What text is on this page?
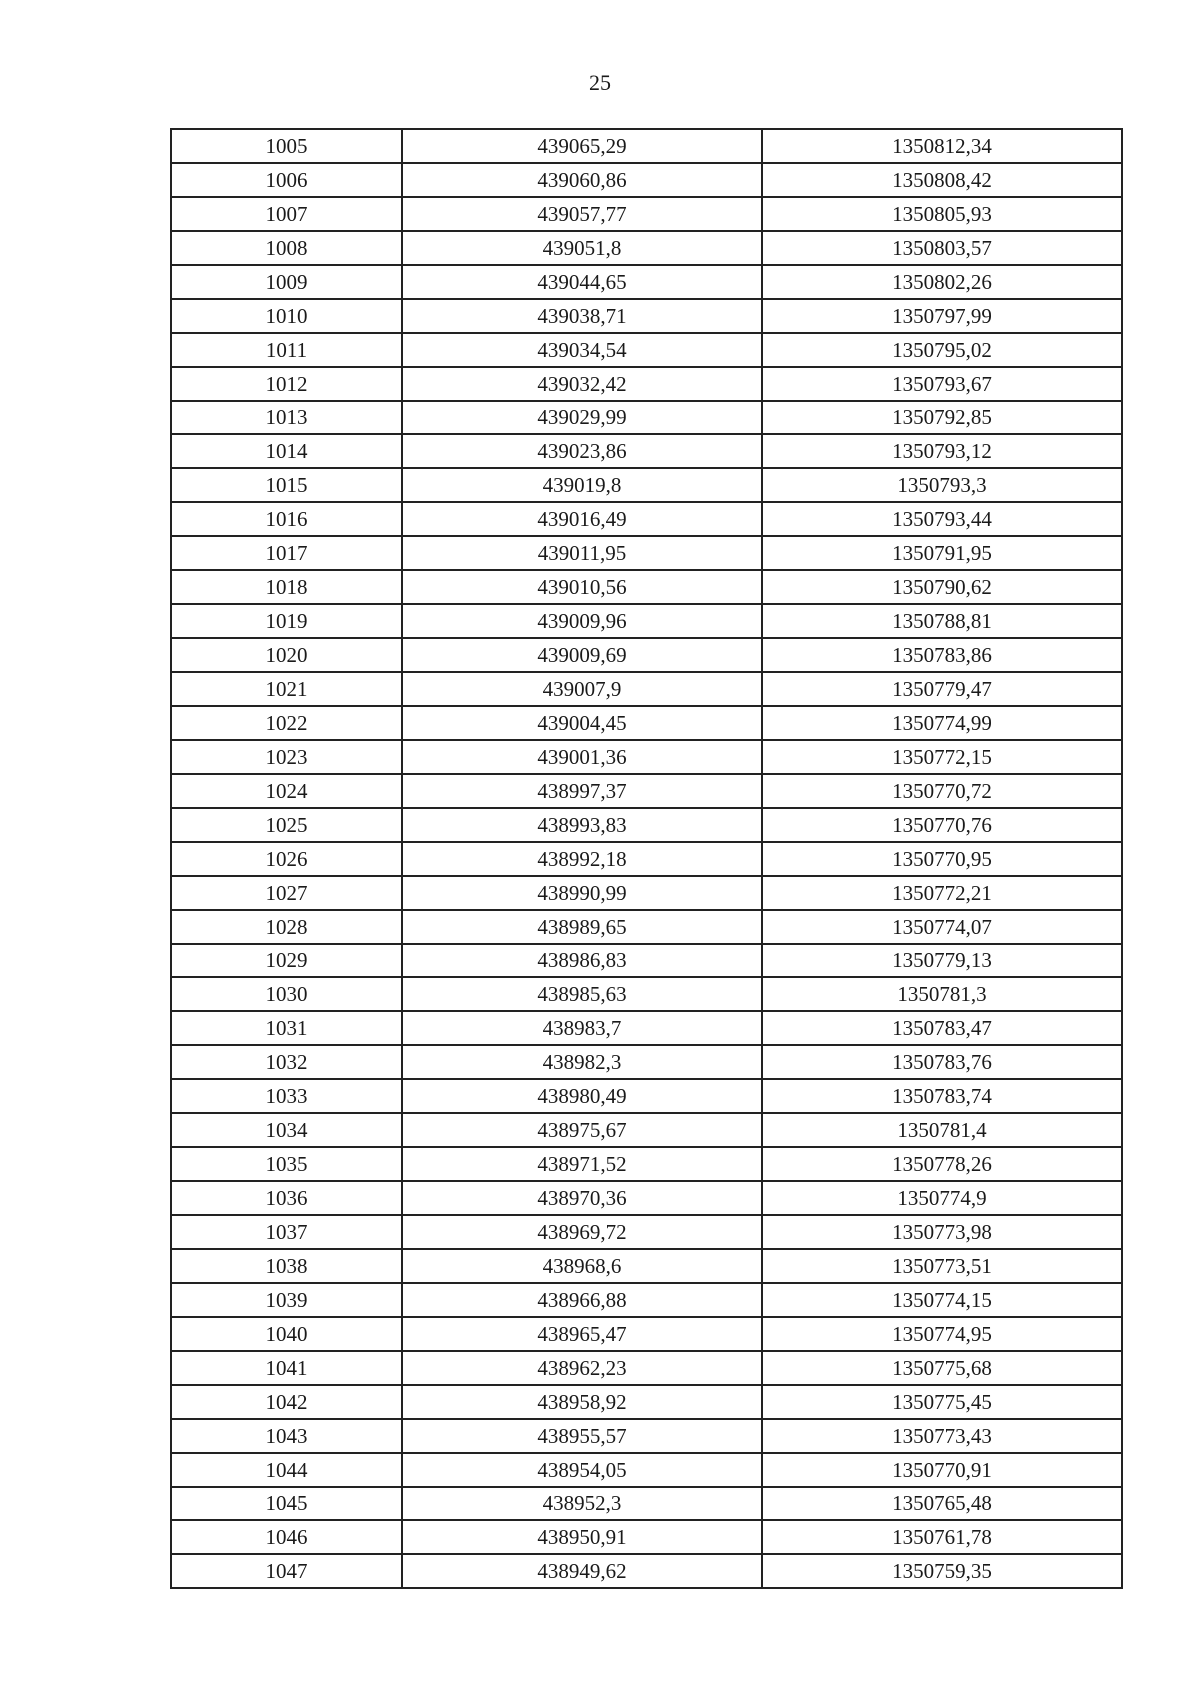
25
1005	439065,29	1350812,34
1006	439060,86	1350808,42
1007	439057,77	1350805,93
1008	439051,8	1350803,57
1009	439044,65	1350802,26
1010	439038,71	1350797,99
1011	439034,54	1350795,02
1012	439032,42	1350793,67
1013	439029,99	1350792,85
1014	439023,86	1350793,12
1015	439019,8	1350793,3
1016	439016,49	1350793,44
1017	439011,95	1350791,95
1018	439010,56	1350790,62
1019	439009,96	1350788,81
1020	439009,69	1350783,86
1021	439007,9	1350779,47
1022	439004,45	1350774,99
1023	439001,36	1350772,15
1024	438997,37	1350770,72
1025	438993,83	1350770,76
1026	438992,18	1350770,95
1027	438990,99	1350772,21
1028	438989,65	1350774,07
1029	438986,83	1350779,13
1030	438985,63	1350781,3
1031	438983,7	1350783,47
1032	438982,3	1350783,76
1033	438980,49	1350783,74
1034	438975,67	1350781,4
1035	438971,52	1350778,26
1036	438970,36	1350774,9
1037	438969,72	1350773,98
1038	438968,6	1350773,51
1039	438966,88	1350774,15
1040	438965,47	1350774,95
1041	438962,23	1350775,68
1042	438958,92	1350775,45
1043	438955,57	1350773,43
1044	438954,05	1350770,91
1045	438952,3	1350765,48
1046	438950,91	1350761,78
1047	438949,62	1350759,35
